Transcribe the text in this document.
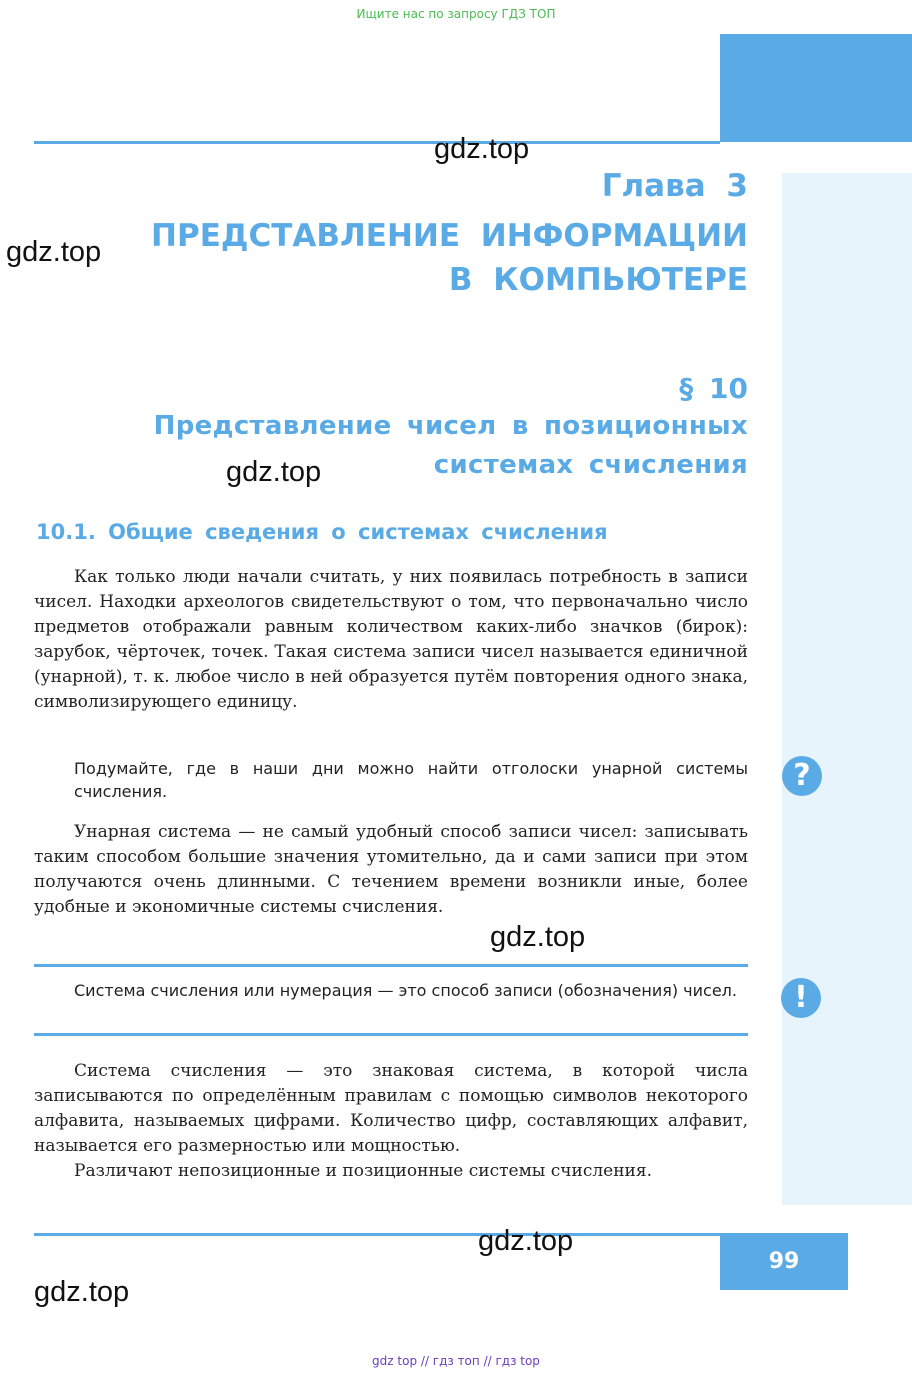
Ищите нас по запросу ГДЗ ТОП
Глава 3
ПРЕДСТАВЛЕНИЕ ИНФОРМАЦИИ
В КОМПЬЮТЕРЕ
§ 10
Представление чисел в позиционных
системах счисления
10.1. Общие сведения о системах счисления

Как только люди начали считать, у них появилась потребность в записи чисел. Находки археологов свидетельствуют о том, что первоначально число предметов отображали равным количеством каких-либо значков (бирок): зарубок, чёрточек, точек. Такая система записи чисел называется единичной (унарной), т. к. любое число в ней образуется путём повторения одного знака, символизирующего единицу.

Подумайте, где в наши дни можно найти отголоски унарной системы счисления.

Унарная система — не самый удобный способ записи чисел: записывать таким способом большие значения утомительно, да и сами записи при этом получаются очень длинными. С течением времени возникли иные, более удобные и экономичные системы счисления.

Система счисления или нумерация — это способ записи (обозначения) чисел.

Система счисления — это знаковая система, в которой числа записываются по определённым правилам с помощью символов некоторого алфавита, называемых цифрами. Количество цифр, составляющих алфавит, называется его размерностью или мощностью.

Различают непозиционные и позиционные системы счисления.

?
!
99
gdz.top
gdz.top
gdz.top
gdz.top
gdz.top
gdz.top
gdz top // гдз топ // гдз top
